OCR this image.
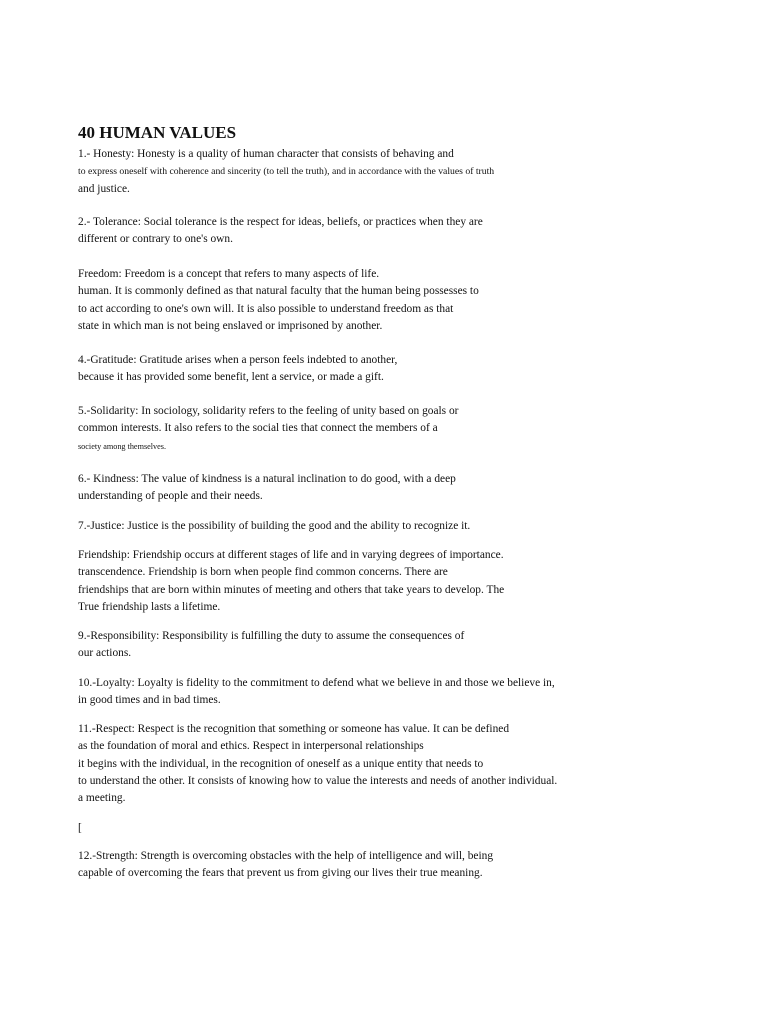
40 HUMAN VALUES

1.- Honesty: Honesty is a quality of human character that consists of behaving and
to express oneself with coherence and sincerity (to tell the truth), and in accordance with the values of truth
and justice.

2.- Tolerance: Social tolerance is the respect for ideas, beliefs, or practices when they are
different or contrary to one's own.

Freedom: Freedom is a concept that refers to many aspects of life.
human. It is commonly defined as that natural faculty that the human being possesses to
to act according to one's own will. It is also possible to understand freedom as that
state in which man is not being enslaved or imprisoned by another.

4.-Gratitude: Gratitude arises when a person feels indebted to another,
because it has provided some benefit, lent a service, or made a gift.

5.-Solidarity: In sociology, solidarity refers to the feeling of unity based on goals or
common interests. It also refers to the social ties that connect the members of a
society among themselves.

6.- Kindness: The value of kindness is a natural inclination to do good, with a deep
understanding of people and their needs.

7.-Justice: Justice is the possibility of building the good and the ability to recognize it.

Friendship: Friendship occurs at different stages of life and in varying degrees of importance.
transcendence. Friendship is born when people find common concerns. There are
friendships that are born within minutes of meeting and others that take years to develop. The
True friendship lasts a lifetime.

9.-Responsibility: Responsibility is fulfilling the duty to assume the consequences of
our actions.

10.-Loyalty: Loyalty is fidelity to the commitment to defend what we believe in and those we believe in,
in good times and in bad times.

11.-Respect: Respect is the recognition that something or someone has value. It can be defined
as the foundation of moral and ethics. Respect in interpersonal relationships
it begins with the individual, in the recognition of oneself as a unique entity that needs to
to understand the other. It consists of knowing how to value the interests and needs of another individual.
a meeting.

[

12.-Strength: Strength is overcoming obstacles with the help of intelligence and will, being
capable of overcoming the fears that prevent us from giving our lives their true meaning.
